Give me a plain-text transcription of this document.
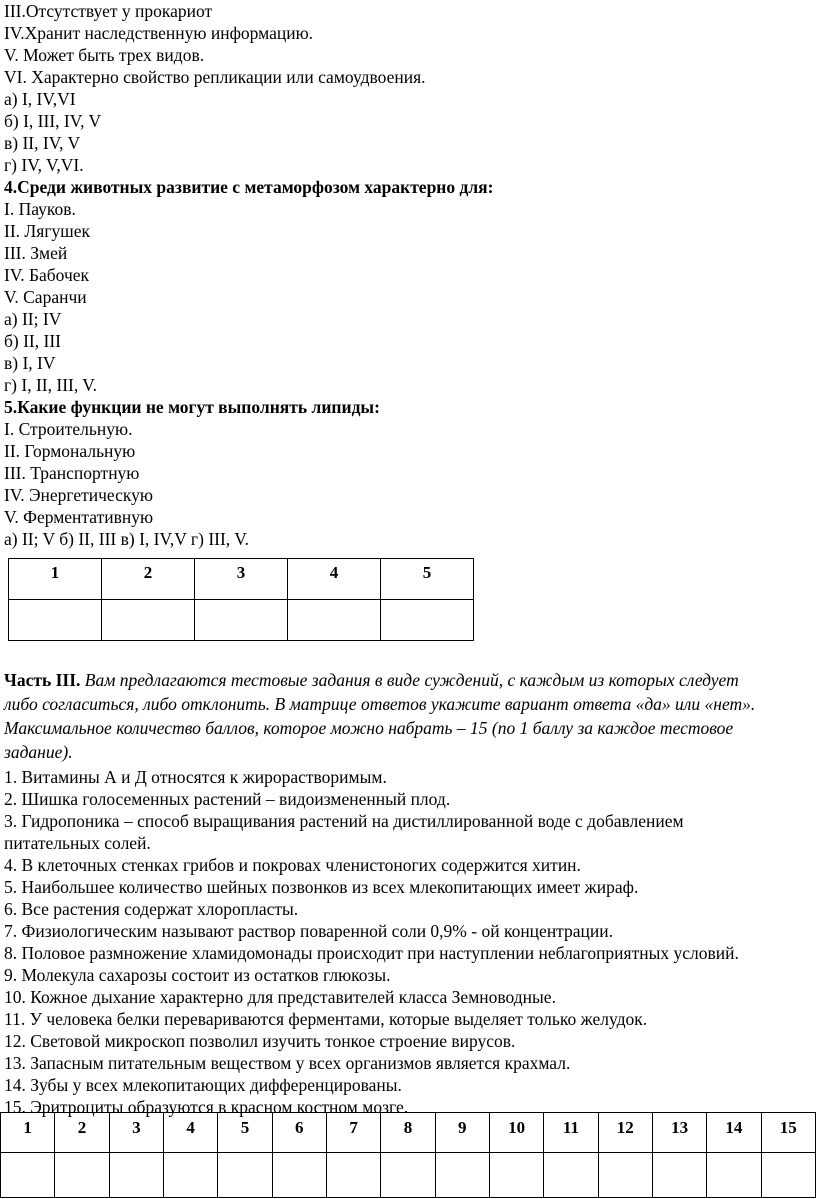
III.Отсутствует у прокариот
IV.Хранит наследственную информацию.
V. Может быть трех видов.
VI. Характерно свойство репликации или самоудвоения.
а) I, IV,VI
б) I, III, IV, V
в) II, IV, V
г) IV, V,VI.
4.Среди животных развитие с метаморфозом характерно для:
I. Пауков.
II. Лягушек
III. Змей
IV. Бабочек
V. Саранчи
а) II; IV
б) II, III
в) I, IV
г) I, II, III, V.
5.Какие функции не могут выполнять липиды:
I. Строительную.
II. Гормональную
III. Транспортную
IV. Энергетическую
V. Ферментативную
а) II; V б) II, III в) I, IV,V г) III, V.
1	2	3	4	5

Часть III. Вам предлагаются тестовые задания в виде суждений, с каждым из которых следует
либо согласиться, либо отклонить. В матрице ответов укажите вариант ответа «да» или «нет».
Максимальное количество баллов, которое можно набрать – 15 (по 1 баллу за каждое тестовое
задание).
1. Витамины А и Д относятся к жирорастворимым.
2. Шишка голосеменных растений – видоизмененный плод.
3. Гидропоника – способ выращивания растений на дистиллированной воде с добавлением
питательных солей.
4. В клеточных стенках грибов и покровах членистоногих содержится хитин.
5. Наибольшее количество шейных позвонков из всех млекопитающих имеет жираф.
6. Все растения содержат хлоропласты.
7. Физиологическим называют раствор поваренной соли 0,9% - ой концентрации.
8. Половое размножение хламидомонады происходит при наступлении неблагоприятных условий.
9. Молекула сахарозы состоит из остатков глюкозы.
10. Кожное дыхание характерно для представителей класса Земноводные.
11. У человека белки перевариваются ферментами, которые выделяет только желудок.
12. Световой микроскоп позволил изучить тонкое строение вирусов.
13. Запасным питательным веществом у всех организмов является крахмал.
14. Зубы у всех млекопитающих дифференцированы.
15. Эритроциты образуются в красном костном мозге.
1	2	3	4	5	6	7	8	9	10	11	12	13	14	15
